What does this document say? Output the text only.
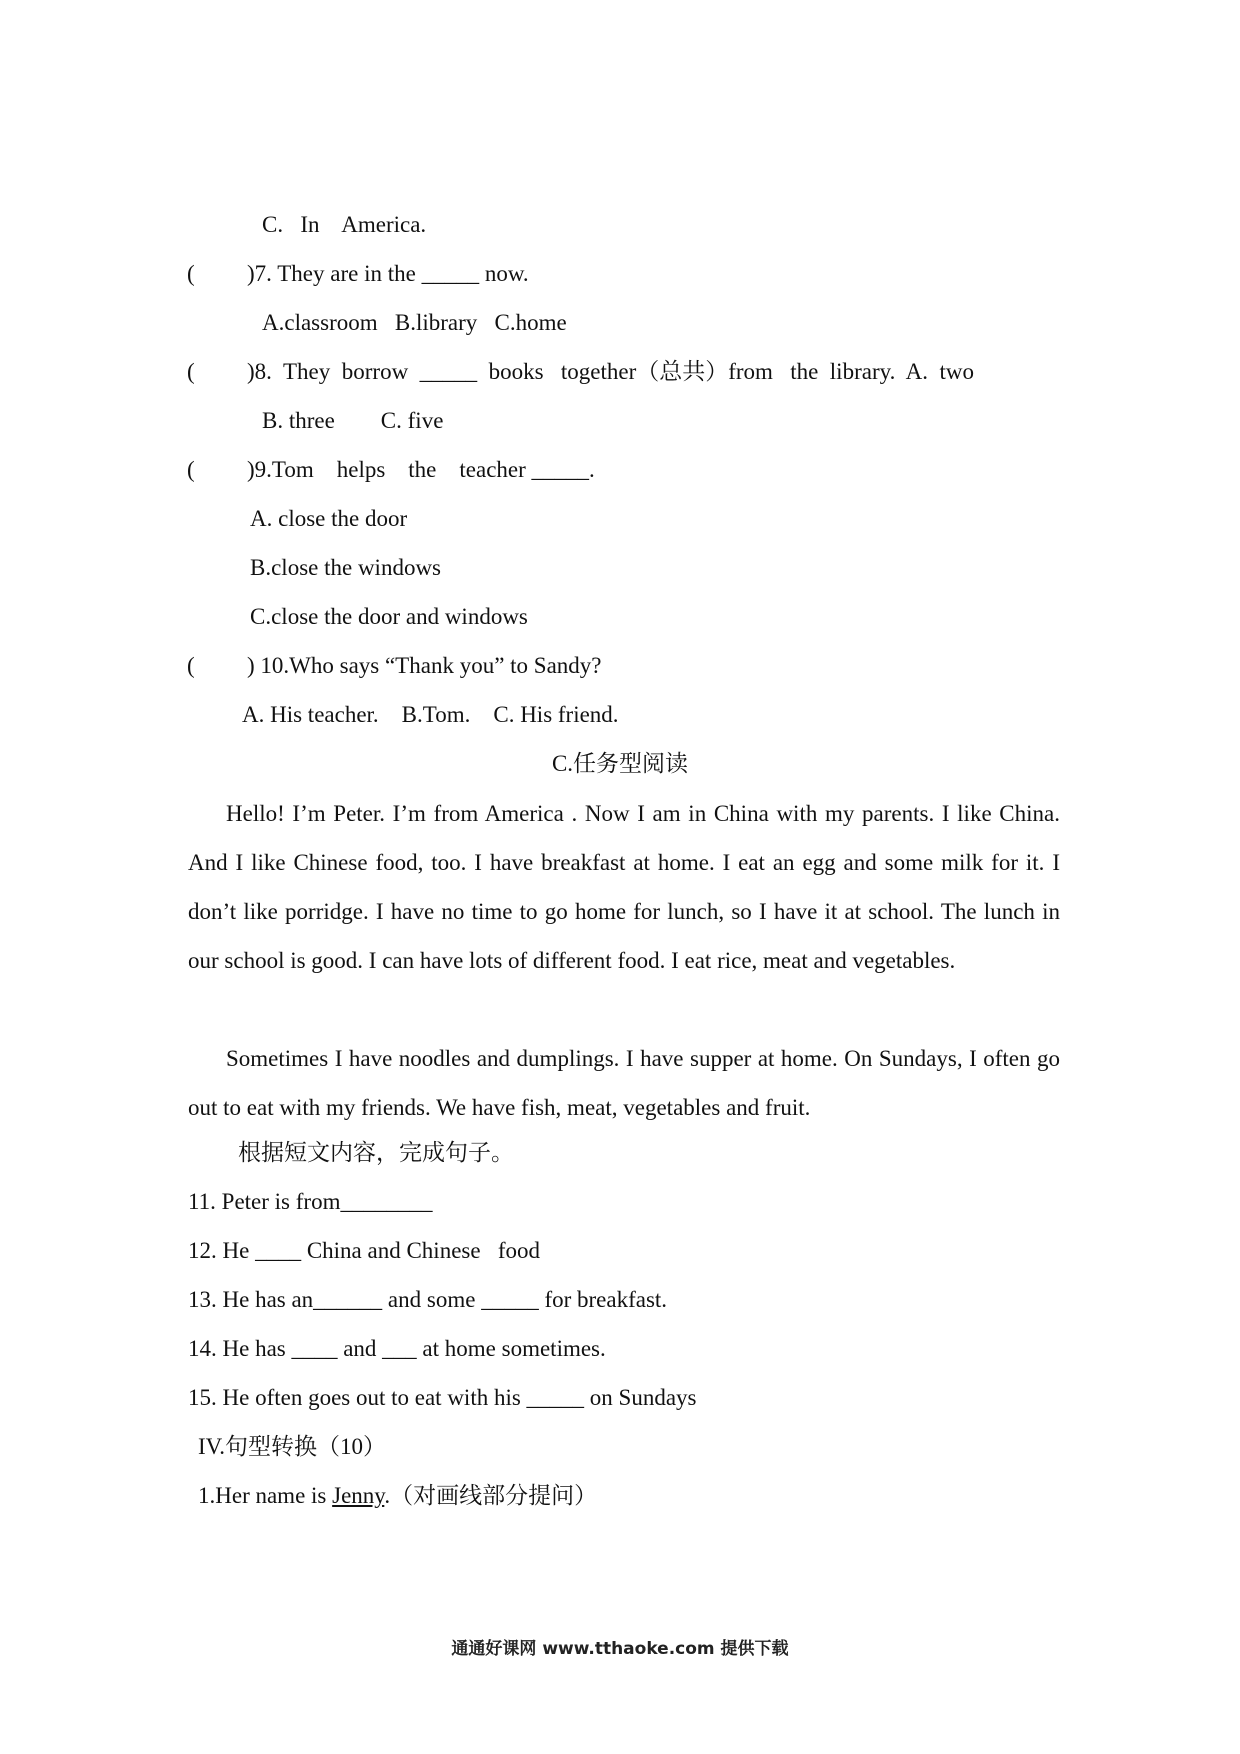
C.   In    America.
( )7. They are in the _____ now.
A.classroom   B.library   C.home
( )8.  They  borrow  _____  books   together（总共）from   the  library.  A.  two
B. three        C. five
( )9.Tom    helps    the    teacher _____.
A. close the door
B.close the windows
C.close the door and windows
( ) 10.Who says “Thank you” to Sandy?
A. His teacher.    B.Tom.    C. His friend.
C.任务型阅读
Hello! I’m Peter. I’m from America . Now I am in China with my parents. I like China. And I like Chinese food, too. I have breakfast at home. I eat an egg and some milk for it. I don’t like porridge. I have no time to go home for lunch, so I have it at school. The lunch in our school is good. I can have lots of different food. I eat rice, meat and vegetables.
Sometimes I have noodles and dumplings. I have supper at home. On Sundays, I often go out to eat with my friends. We have fish, meat, vegetables and fruit.
根据短文内容，完成句子。
11. Peter is from________
12. He ____ China and Chinese   food
13. He has an______ and some _____ for breakfast.
14. He has ____ and ___ at home sometimes.
15. He often goes out to eat with his _____ on Sundays
IV.句型转换（10）
1.Her name is Jenny.（对画线部分提问）
通通好课网 www.tthaoke.com 提供下载
